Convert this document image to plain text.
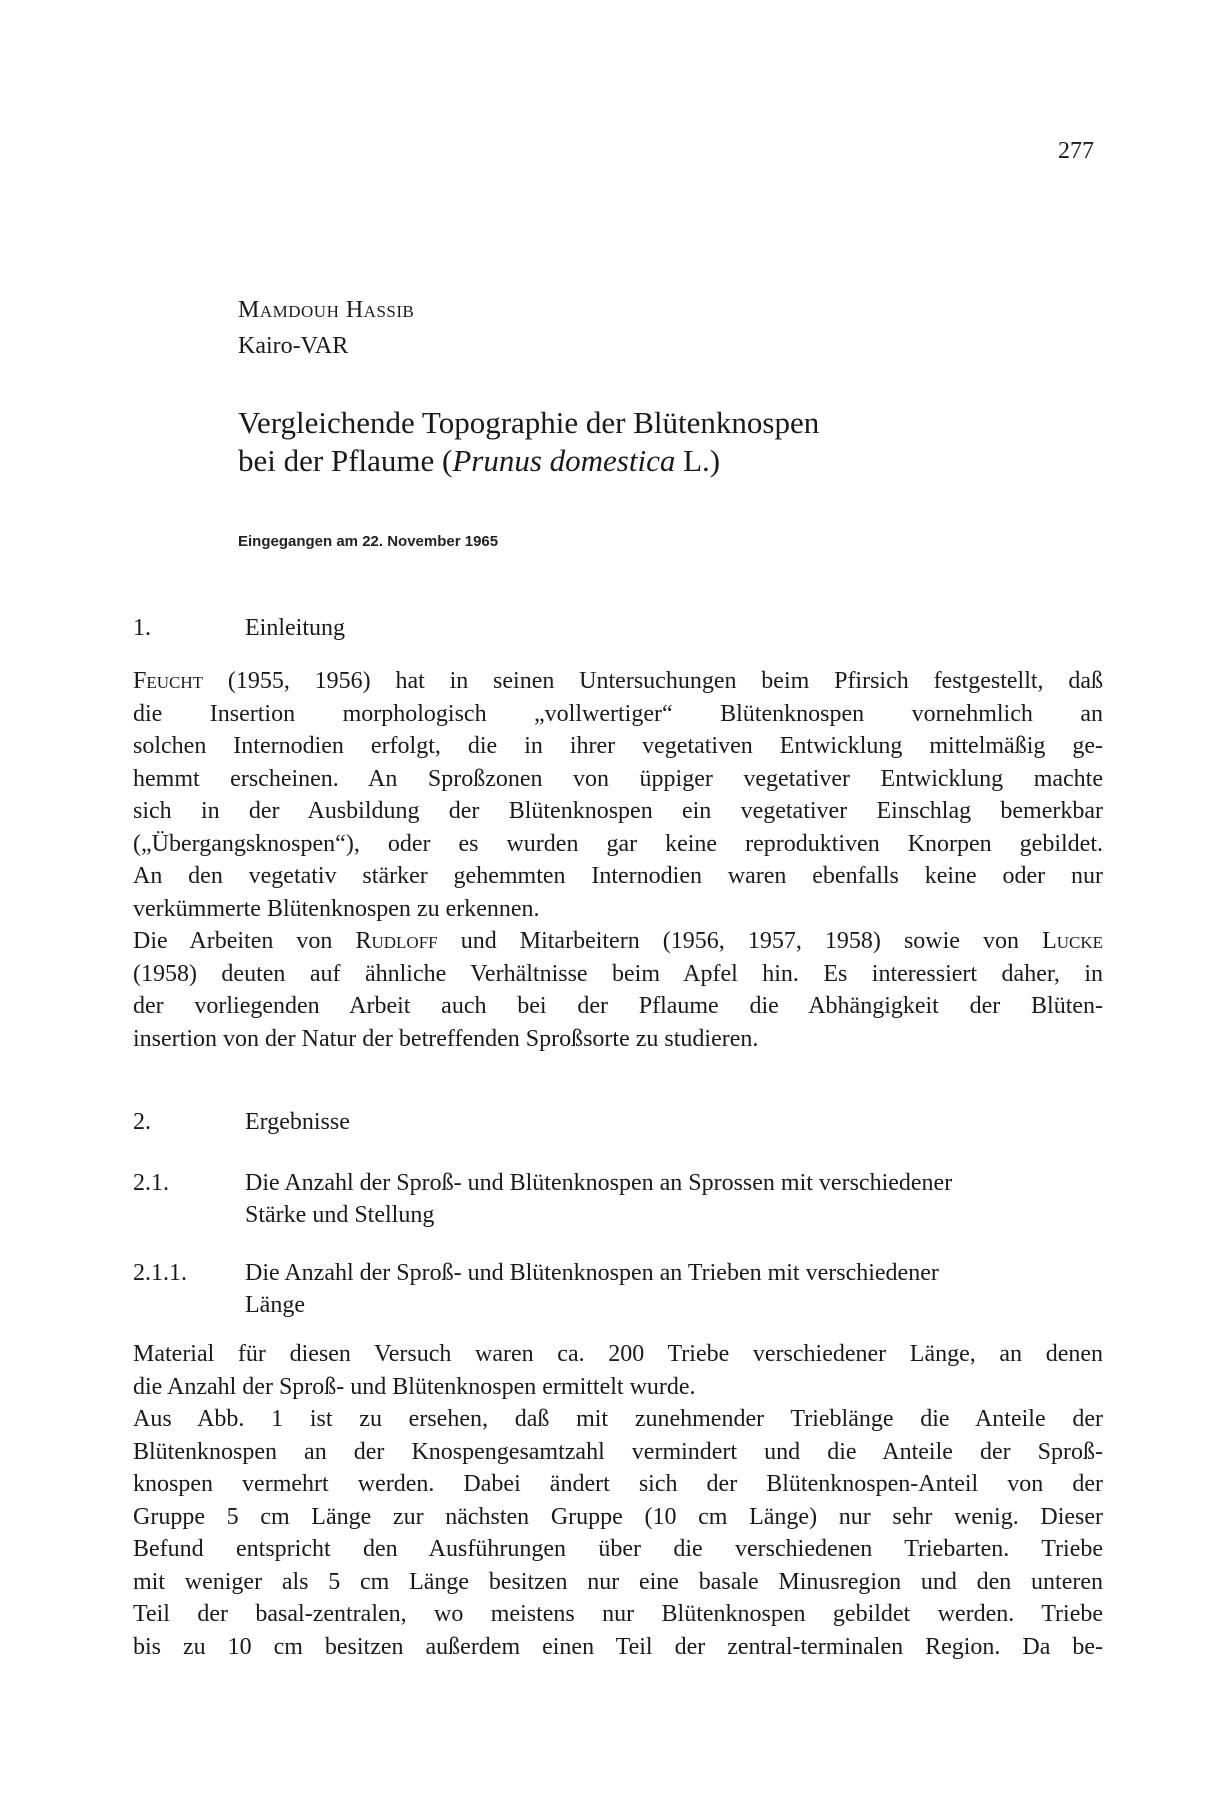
277
Mamdouh Hassib
Kairo-VAR
Vergleichende Topographie der Blütenknospen
bei der Pflaume (Prunus domestica L.)
Eingegangen am 22. November 1965
1.	Einleitung
Feucht (1955, 1956) hat in seinen Untersuchungen beim Pfirsich festgestellt, daß
die Insertion morphologisch „vollwertiger“ Blütenknospen vornehmlich an
solchen Internodien erfolgt, die in ihrer vegetativen Entwicklung mittelmäßig ge-
hemmt erscheinen. An Sproßzonen von üppiger vegetativer Entwicklung machte
sich in der Ausbildung der Blütenknospen ein vegetativer Einschlag bemerkbar
(„Übergangsknospen“), oder es wurden gar keine reproduktiven Knorpen gebildet.
An den vegetativ stärker gehemmten Internodien waren ebenfalls keine oder nur
verkümmerte Blütenknospen zu erkennen.
Die Arbeiten von Rudloff und Mitarbeitern (1956, 1957, 1958) sowie von Lucke
(1958) deuten auf ähnliche Verhältnisse beim Apfel hin. Es interessiert daher, in
der vorliegenden Arbeit auch bei der Pflaume die Abhängigkeit der Blüten-
insertion von der Natur der betreffenden Sproßsorte zu studieren.
2.	Ergebnisse
2.1.	Die Anzahl der Sproß- und Blütenknospen an Sprossen mit verschiedener
Stärke und Stellung
2.1.1. Die Anzahl der Sproß- und Blütenknospen an Trieben mit verschiedener
Länge
Material für diesen Versuch waren ca. 200 Triebe verschiedener Länge, an denen
die Anzahl der Sproß- und Blütenknospen ermittelt wurde.
Aus Abb. 1 ist zu ersehen, daß mit zunehmender Trieblänge die Anteile der
Blütenknospen an der Knospengesamtzahl vermindert und die Anteile der Sproß-
knospen vermehrt werden. Dabei ändert sich der Blütenknospen-Anteil von der
Gruppe 5 cm Länge zur nächsten Gruppe (10 cm Länge) nur sehr wenig. Dieser
Befund entspricht den Ausführungen über die verschiedenen Triebarten. Triebe
mit weniger als 5 cm Länge besitzen nur eine basale Minusregion und den unteren
Teil der basal-zentralen, wo meistens nur Blütenknospen gebildet werden. Triebe
bis zu 10 cm besitzen außerdem einen Teil der zentral-terminalen Region. Da be-
